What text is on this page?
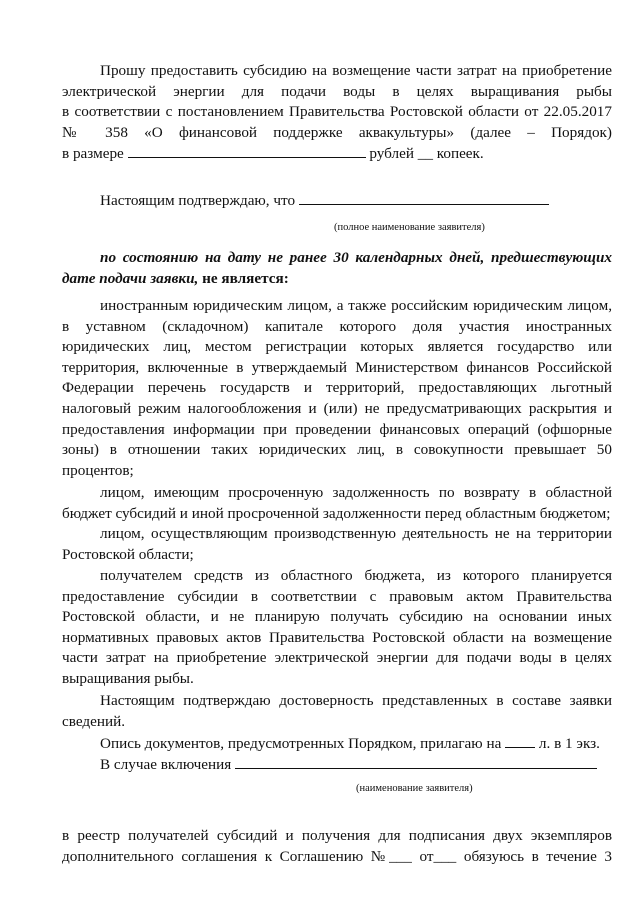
Прошу предоставить субсидию на возмещение части затрат на приобретение
электрической энергии для подачи воды в целях выращивания рыбы
в соответствии с постановлением Правительства Ростовской области от 22.05.2017
№ 358 «О финансовой поддержке аквакультуры» (далее – Порядок)
в размере	рублей __ копеек.
Настоящим подтверждаю, что
(полное наименование заявителя)
по состоянию на дату не ранее 30 календарных дней, предшествующих
дате подачи заявки, не является:
иностранным юридическим лицом, а также российским юридическим лицом,
в уставном (складочном) капитале которого доля участия иностранных
юридических лиц, местом регистрации которых является государство или
территория, включенные в утверждаемый Министерством финансов Российской
Федерации перечень государств и территорий, предоставляющих льготный
налоговый режим налогообложения и (или) не предусматривающих раскрытия и
предоставления информации при проведении финансовых операций (офшорные
зоны) в отношении таких юридических лиц, в совокупности превышает 50
процентов;
лицом, имеющим просроченную задолженность по возврату в областной
бюджет субсидий и иной просроченной задолженности перед областным бюджетом;
лицом, осуществляющим производственную деятельность не на территории
Ростовской области;
получателем средств из областного бюджета, из которого планируется
предоставление субсидии в соответствии с правовым актом Правительства
Ростовской области, и не планирую получать субсидию на основании иных
нормативных правовых актов Правительства Ростовской области на возмещение
части затрат на приобретение электрической энергии для подачи воды в целях
выращивания рыбы.
Настоящим подтверждаю достоверность представленных в составе заявки
сведений.
Опись документов, предусмотренных Порядком, прилагаю на л. в 1 экз.
В случае включения
(наименование заявителя)
в реестр получателей субсидий и получения для подписания двух экземпляров
дополнительного соглашения к Соглашению №___ от___ обязуюсь в течение 3
